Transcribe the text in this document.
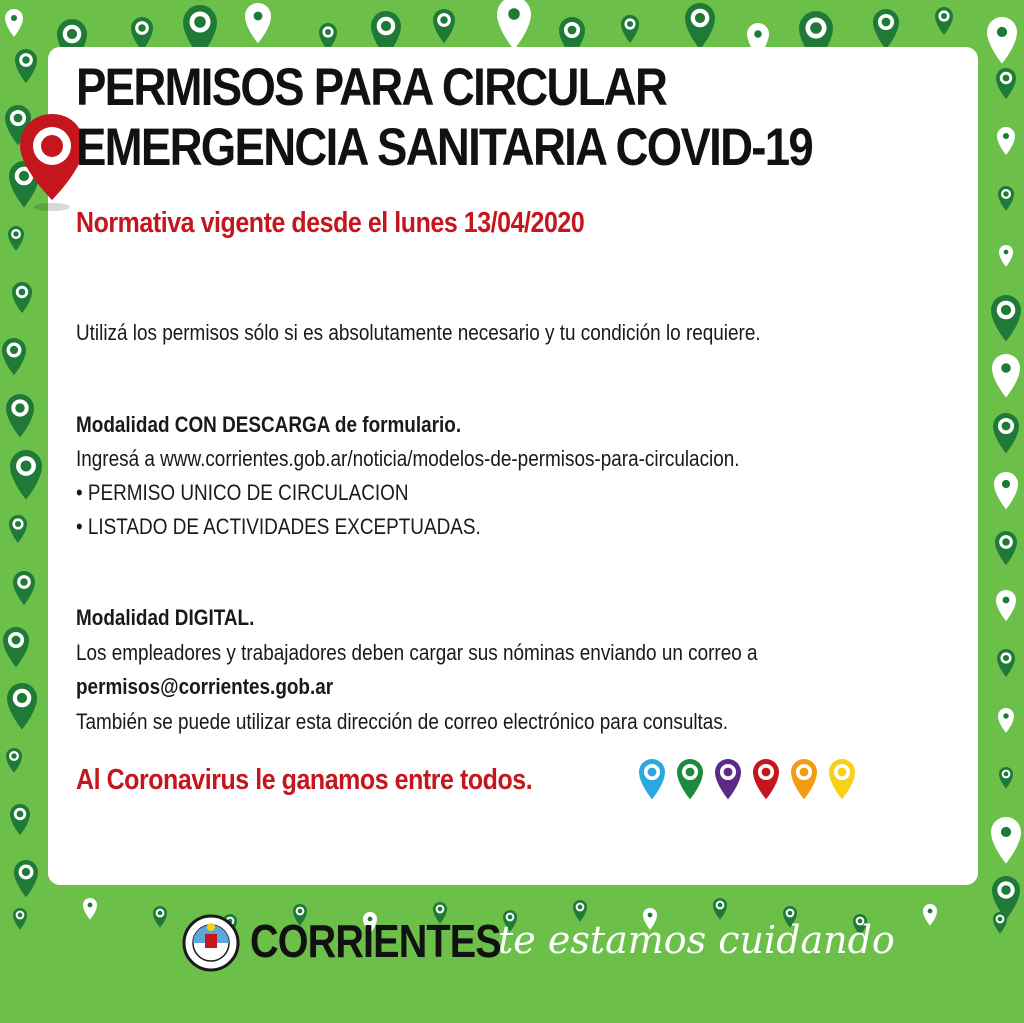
PERMISOS PARA CIRCULAR
EMERGENCIA SANITARIA COVID-19
Normativa vigente desde el lunes 13/04/2020
Utilizá los permisos sólo si es absolutamente necesario y tu condición lo requiere.
Modalidad CON DESCARGA de formulario.
Ingresá a www.corrientes.gob.ar/noticia/modelos-de-permisos-para-circulacion.
• PERMISO UNICO DE CIRCULACION
• LISTADO DE ACTIVIDADES EXCEPTUADAS.
Modalidad DIGITAL.
Los empleadores y trabajadores deben cargar sus nóminas enviando un correo a
permisos@corrientes.gob.ar
También se puede utilizar esta dirección de correo electrónico para consultas.
Al Coronavirus le ganamos entre todos.
CORRIENTES
te estamos cuidando
